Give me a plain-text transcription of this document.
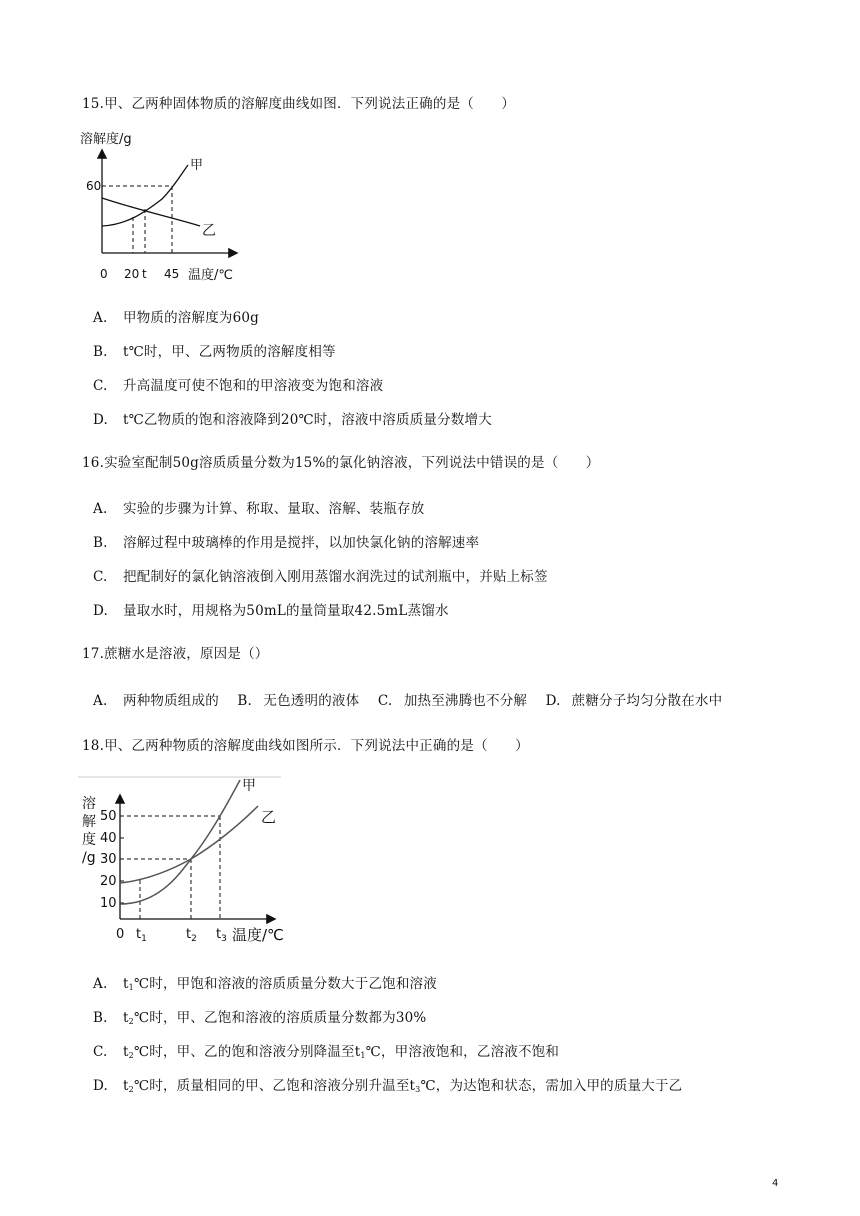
15.甲、乙两种固体物质的溶解度曲线如图．下列说法正确的是（　　）
溶解度/g
60
甲
乙
0 20 t 45 温度/℃
A. 甲物质的溶解度为60g
B. t℃时，甲、乙两物质的溶解度相等
C. 升高温度可使不饱和的甲溶液变为饱和溶液
D. t℃乙物质的饱和溶液降到20℃时，溶液中溶质质量分数增大
16.实验室配制50g溶质质量分数为15%的氯化钠溶液，下列说法中错误的是（　　）
A. 实验的步骤为计算、称取、量取、溶解、装瓶存放
B. 溶解过程中玻璃棒的作用是搅拌，以加快氯化钠的溶解速率
C. 把配制好的氯化钠溶液倒入刚用蒸馏水润洗过的试剂瓶中，并贴上标签
D. 量取水时，用规格为50mL的量筒量取42.5mL蒸馏水
17.蔗糖水是溶液，原因是（）
A. 两种物质组成的 B. 无色透明的液体 C. 加热至沸腾也不分解 D. 蔗糖分子均匀分散在水中
18.甲、乙两种物质的溶解度曲线如图所示．下列说法中正确的是（　　）
溶
解
度
/g
50
40
30
20
10
甲
乙
0 $t_1$	$t_2$ $t_3$ 温度/℃
A. $t_1℃$时，甲饱和溶液的溶质质量分数大于乙饱和溶液
B. $t_2℃$时，甲、乙饱和溶液的溶质质量分数都为30%
C. $t_2℃$时，甲、乙的饱和溶液分别降温至$t_1℃$，甲溶液饱和，乙溶液不饱和
D. $t_2℃$时，质量相同的甲、乙饱和溶液分别升温至$t_3℃$，为达饱和状态，需加入甲的质量大于乙
4
